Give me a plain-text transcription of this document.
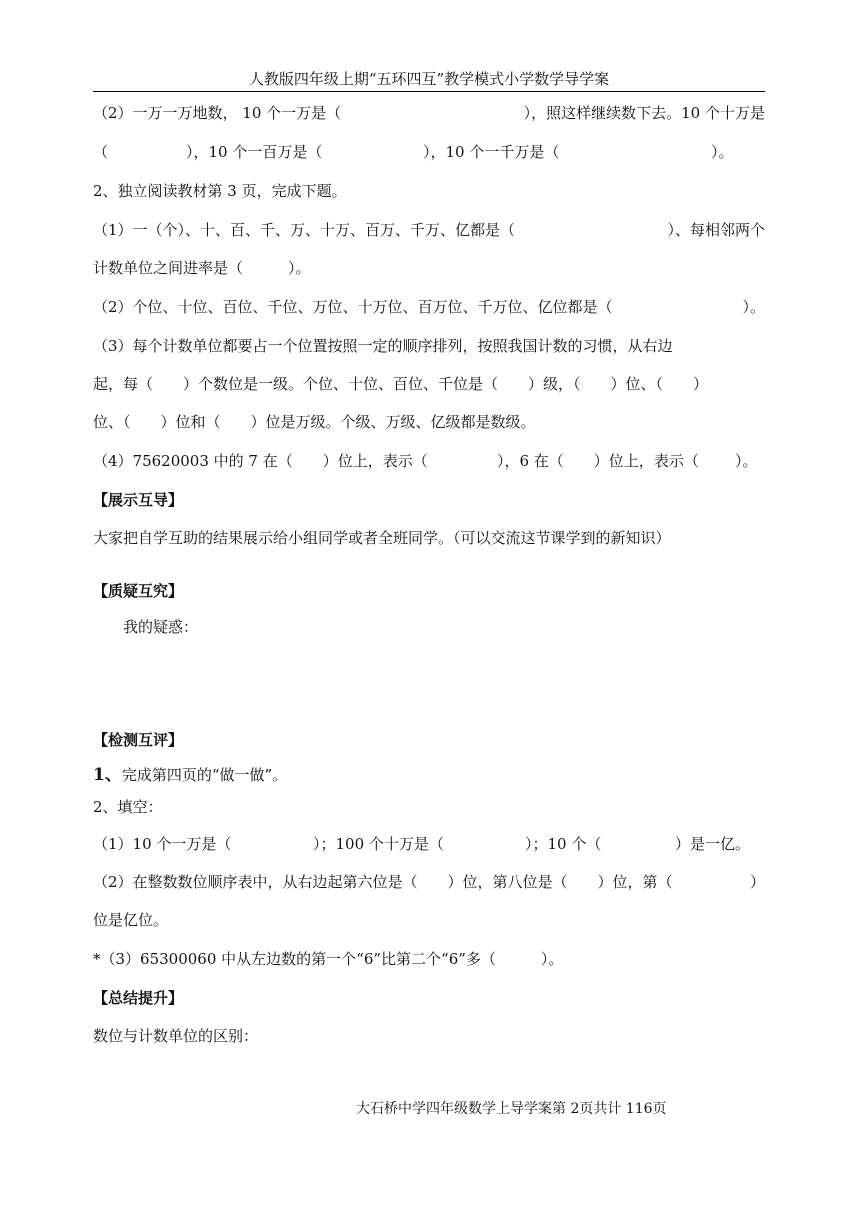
人教版四年级上期“五环四互”教学模式小学数学导学案
（2）一万一万地数， 10 个一万是（	），照这样继续数下去。10 个十万是
（	），10 个一百万是（	），10 个一千万是（	）。
2、独立阅读教材第 3 页，完成下题。
（1）一（个）、十、百、千、万、十万、百万、千万、亿都是（	）、每相邻两个
计数单位之间进率是（　　　）。
（2）个位、十位、百位、千位、万位、十万位、百万位、千万位、亿位都是（	）。
（3）每个计数单位都要占一个位置按照一定的顺序排列，按照我国计数的习惯，从右边
起，每（　　）个数位是一级。个位、十位、百位、千位是（　　）级，（　　）位、（　　）
位、（　　）位和（　　）位是万级。个级、万级、亿级都是数级。
（4）75620003 中的 7 在（　　）位上，表示（	），6 在（　　）位上，表示（ ）。
【展示互导】
大家把自学互助的结果展示给小组同学或者全班同学。（可以交流这节课学到的新知识）
【质疑互究】
我的疑惑：
【检测互评】
1、完成第四页的“做一做”。
2、填空：
（1）10 个一万是（	）；100 个十万是（	）；10 个（	）是一亿。
（2）在整数数位顺序表中，从右边起第六位是（　　）位，第八位是（　　）位，第（	）
位是亿位。
*（3）65300060 中从左边数的第一个“6”比第二个“6”多（　　　）。
【总结提升】
数位与计数单位的区别：
大石桥中学四年级数学上导学案第 2页共计 116页
